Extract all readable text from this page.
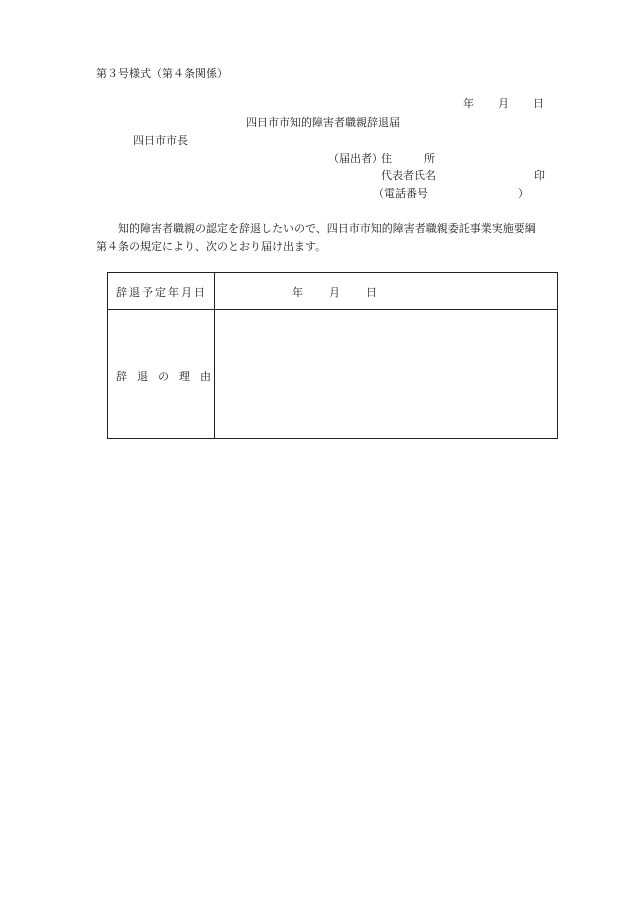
第３号様式（第４条関係）
年 月 日
四日市市知的障害者職親辞退届
四日市市長
（届出者）
住	所
代表者氏名	印
（電話番号	）
知的障害者職親の認定を辞退したいので、四日市市知的障害者職親委託事業実施要綱
第４条の規定により、次のとおり届け出ます。
辞退予定年月日	年 月 日
辞退の理由
